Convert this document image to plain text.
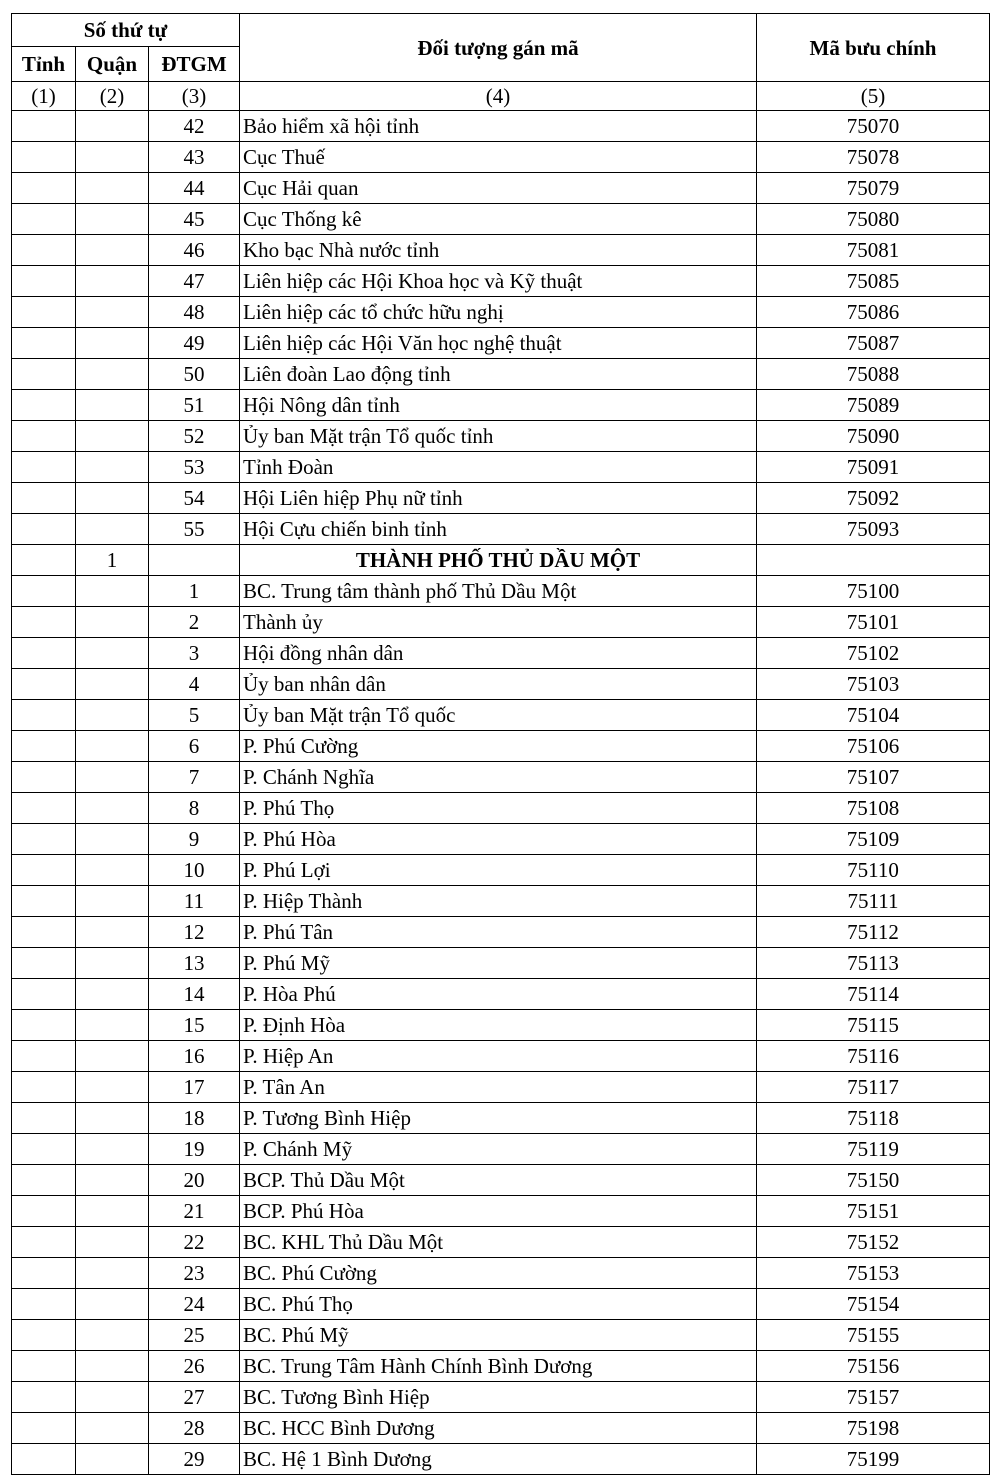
Số thứ tự			Đối tượng gán mã	Mã bưu chính
Tỉnh	Quận	ĐTGM		
(1)	(2)	(3)	(4)	(5)
		42	Bảo hiểm xã hội tỉnh	75070
		43	Cục Thuế	75078
		44	Cục Hải quan	75079
		45	Cục Thống kê	75080
		46	Kho bạc Nhà nước tỉnh	75081
		47	Liên hiệp các Hội Khoa học và Kỹ thuật	75085
		48	Liên hiệp các tổ chức hữu nghị	75086
		49	Liên hiệp các Hội Văn học nghệ thuật	75087
		50	Liên đoàn Lao động tỉnh	75088
		51	Hội Nông dân tỉnh	75089
		52	Ủy ban Mặt trận Tổ quốc tỉnh	75090
		53	Tỉnh Đoàn	75091
		54	Hội Liên hiệp Phụ nữ tỉnh	75092
		55	Hội Cựu chiến binh tỉnh	75093
	1		THÀNH PHỐ THỦ DẦU MỘT	
		1	BC. Trung tâm thành phố Thủ Dầu Một	75100
		2	Thành ủy	75101
		3	Hội đồng nhân dân	75102
		4	Ủy ban nhân dân	75103
		5	Ủy ban Mặt trận Tổ quốc	75104
		6	P. Phú Cường	75106
		7	P. Chánh Nghĩa	75107
		8	P. Phú Thọ	75108
		9	P. Phú Hòa	75109
		10	P. Phú Lợi	75110
		11	P. Hiệp Thành	75111
		12	P. Phú Tân	75112
		13	P. Phú Mỹ	75113
		14	P. Hòa Phú	75114
		15	P. Định Hòa	75115
		16	P. Hiệp An	75116
		17	P. Tân An	75117
		18	P. Tương Bình Hiệp	75118
		19	P. Chánh Mỹ	75119
		20	BCP. Thủ Dầu Một	75150
		21	BCP. Phú Hòa	75151
		22	BC. KHL Thủ Dầu Một	75152
		23	BC. Phú Cường	75153
		24	BC. Phú Thọ	75154
		25	BC. Phú Mỹ	75155
		26	BC. Trung Tâm Hành Chính Bình Dương	75156
		27	BC. Tương Bình Hiệp	75157
		28	BC. HCC Bình Dương	75198
		29	BC. Hệ 1 Bình Dương	75199
